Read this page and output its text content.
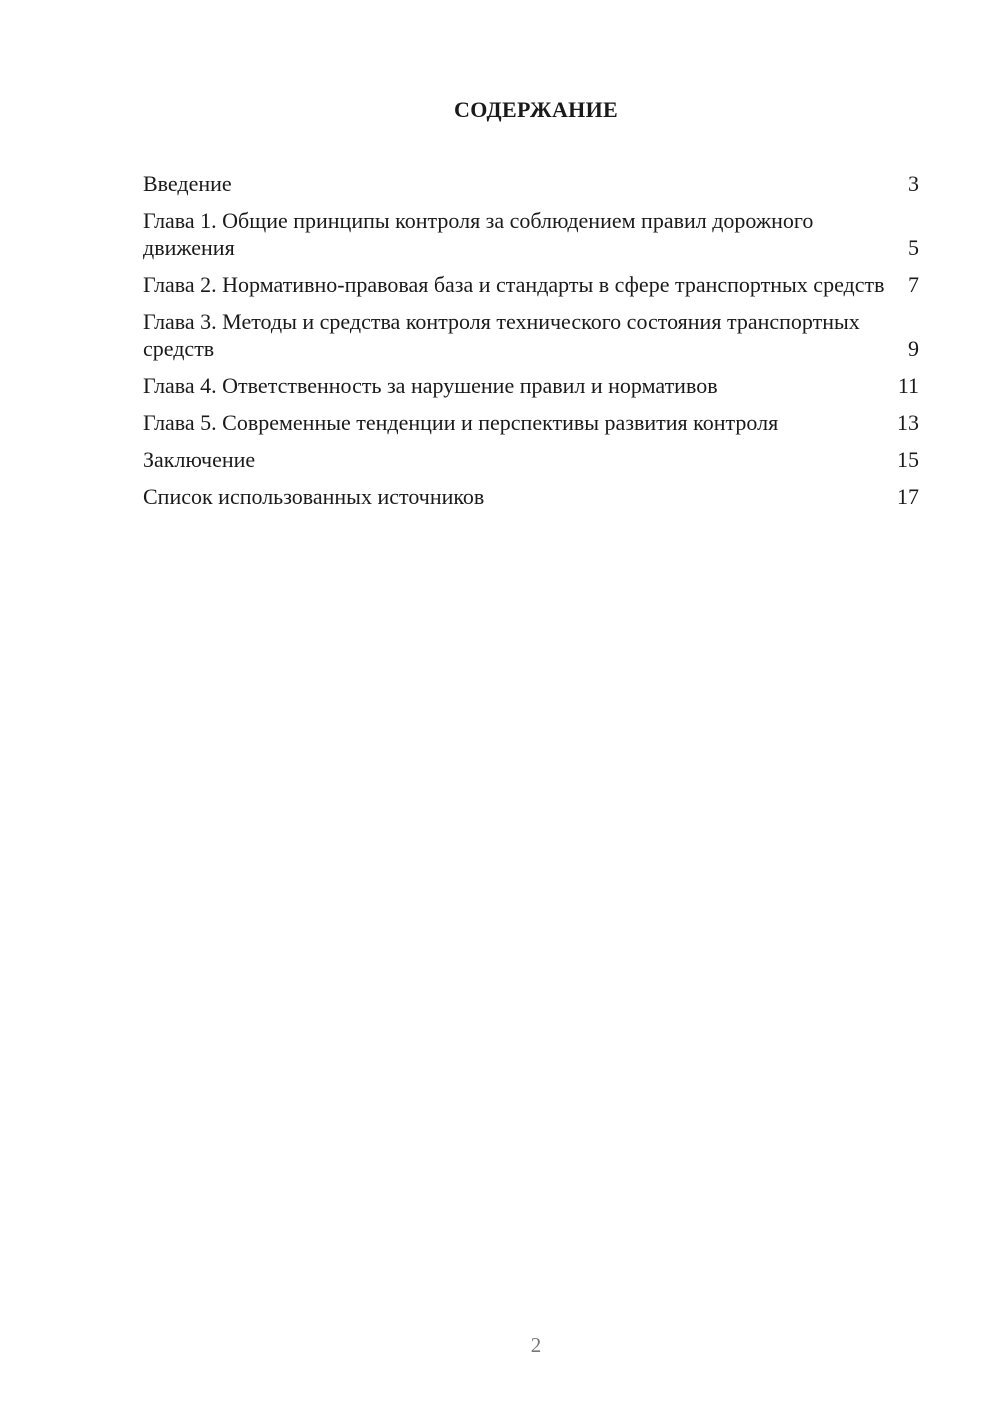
СОДЕРЖАНИЕ
Введение	3
Глава 1. Общие принципы контроля за соблюдением правил дорожного движения	5
Глава 2. Нормативно-правовая база и стандарты в сфере транспортных средств	7
Глава 3. Методы и средства контроля технического состояния транспортных средств	9
Глава 4. Ответственность за нарушение правил и нормативов	11
Глава 5. Современные тенденции и перспективы развития контроля	13
Заключение	15
Список использованных источников	17
2
